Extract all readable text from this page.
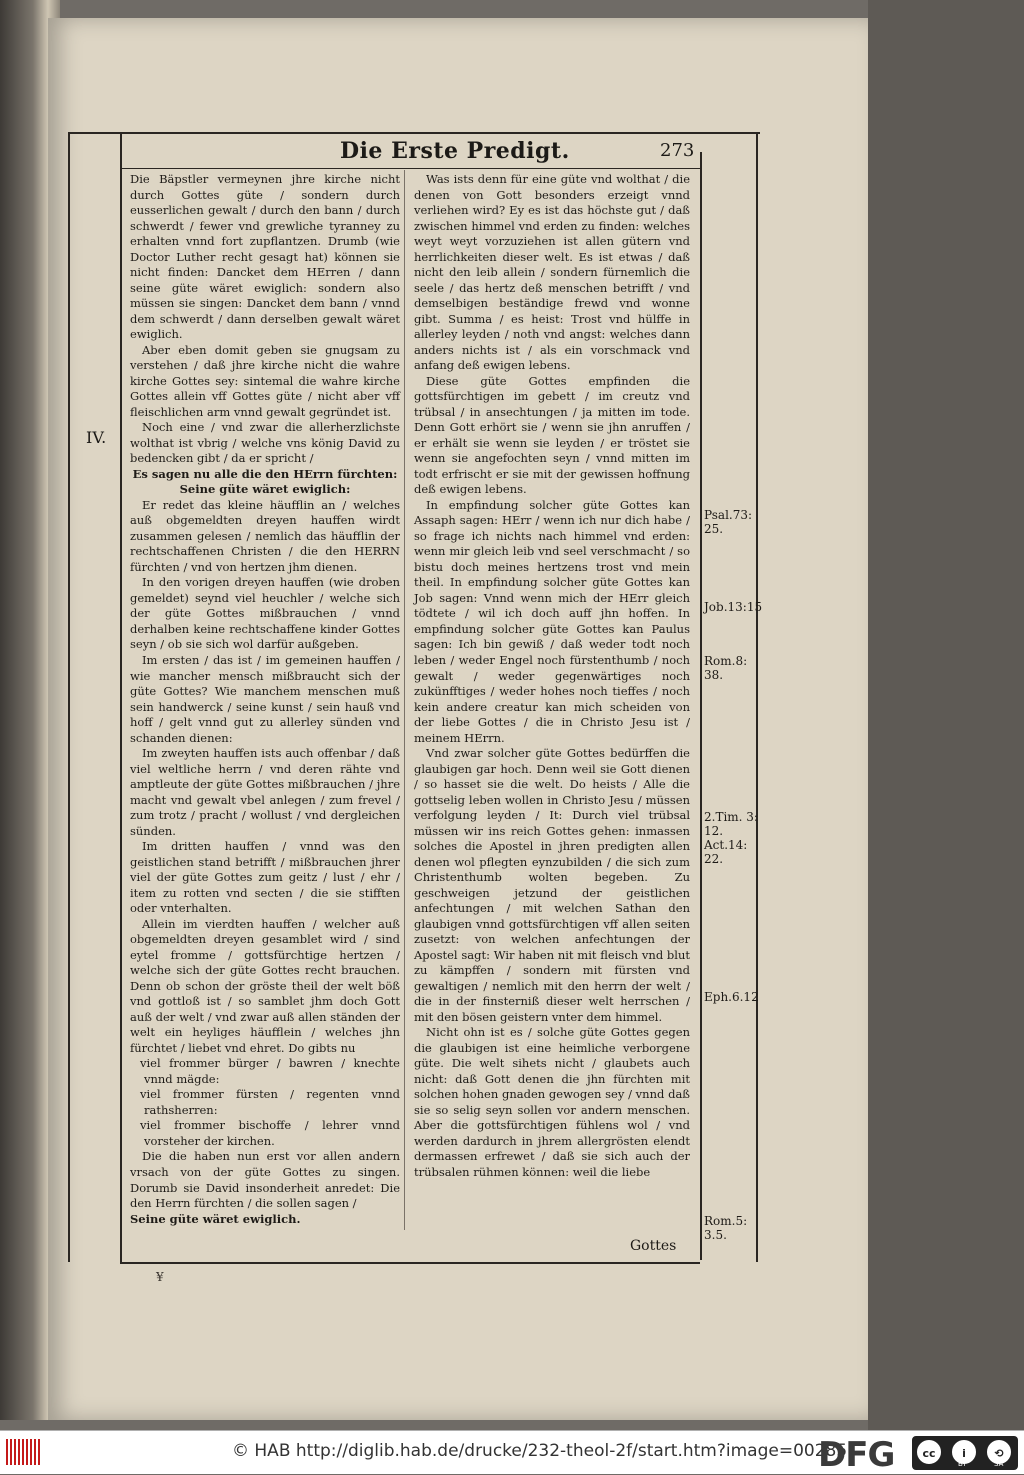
Die Erste Predigt.	273
IV.

Die Bäpstler vermeynen jhre kirche nicht durch Gottes güte / sondern durch eusserlichen gewalt / durch den bann / durch schwerdt / fewer vnd grewliche tyranney zu erhalten vnnd fort zupflantzen. Drumb (wie Doctor Luther recht gesagt hat) können sie nicht finden: Dancket dem HErren / dann seine güte wäret ewiglich: sondern also müssen sie singen: Dancket dem bann / vnnd dem schwerdt / dann derselben gewalt wäret ewiglich.

Aber eben domit geben sie gnugsam zu verstehen / daß jhre kirche nicht die wahre kirche Gottes sey: sintemal die wahre kirche Gottes allein vff Gottes güte / nicht aber vff fleischlichen arm vnnd gewalt gegründet ist.

Noch eine / vnd zwar die allerherzlichste wolthat ist vbrig / welche vns könig David zu bedencken gibt / da er spricht /

Es sagen nu alle die den HErrn fürchten: Seine güte wäret ewiglich:

Er redet das kleine häufflin an / welches auß obgemeldten dreyen hauffen wirdt zusammen gelesen / nemlich das häufflin der rechtschaffenen Christen / die den HERRN fürchten / vnd von hertzen jhm dienen.

In den vorigen dreyen hauffen (wie droben gemeldet) seynd viel heuchler / welche sich der güte Gottes mißbrauchen / vnnd derhalben keine rechtschaffene kinder Gottes seyn / ob sie sich wol darfür außgeben.

Im ersten / das ist / im gemeinen hauffen / wie mancher mensch mißbraucht sich der güte Gottes? Wie manchem menschen muß sein handwerck / seine kunst / sein hauß vnd hoff / gelt vnnd gut zu allerley sünden vnd schanden dienen:

Im zweyten hauffen ists auch offenbar / daß viel weltliche herrn / vnd deren rähte vnd amptleute der güte Gottes mißbrauchen / jhre macht vnd gewalt vbel anlegen / zum frevel / zum trotz / pracht / wollust / vnd dergleichen sünden.

Im dritten hauffen / vnnd was den geistlichen stand betrifft / mißbrauchen jhrer viel der güte Gottes zum geitz / lust / ehr / item zu rotten vnd secten / die sie stifften oder vnterhalten.

Allein im vierdten hauffen / welcher auß obgemeldten dreyen gesamblet wird / sind eytel fromme / gottsfürchtige hertzen / welche sich der güte Gottes recht brauchen. Denn ob schon der gröste theil der welt böß vnd gottloß ist / so samblet jhm doch Gott auß der welt / vnd zwar auß allen ständen der welt ein heyliges häufflein / welches jhn fürchtet / liebet vnd ehret. Do gibts nu

viel frommer bürger / bawren / knechte vnnd mägde:

viel frommer fürsten / regenten vnnd rathsherren:

viel frommer bischoffe / lehrer vnnd vorsteher der kirchen.

Die die haben nun erst vor allen andern vrsach von der güte Gottes zu singen. Dorumb sie David insonderheit anredet: Die den Herrn fürchten / die sollen sagen /

Seine güte wäret ewiglich.

Was ists denn für eine güte vnd wolthat / die denen von Gott besonders erzeigt vnnd verliehen wird? Ey es ist das höchste gut / daß zwischen himmel vnd erden zu finden: welches weyt weyt vorzuziehen ist allen gütern vnd herrlichkeiten dieser welt. Es ist etwas / daß nicht den leib allein / sondern fürnemlich die seele / das hertz deß menschen betrifft / vnd demselbigen beständige frewd vnd wonne gibt. Summa / es heist: Trost vnd hülffe in allerley leyden / noth vnd angst: welches dann anders nichts ist / als ein vorschmack vnd anfang deß ewigen lebens.

Diese güte Gottes empfinden die gottsfürchtigen im gebett / im creutz vnd trübsal / in ansechtungen / ja mitten im tode. Denn Gott erhört sie / wenn sie jhn anruffen / er erhält sie wenn sie leyden / er tröstet sie wenn sie angefochten seyn / vnnd mitten im todt erfrischt er sie mit der gewissen hoffnung deß ewigen lebens.

In empfindung solcher güte Gottes kan Assaph sagen: HErr / wenn ich nur dich habe / so frage ich nichts nach himmel vnd erden: wenn mir gleich leib vnd seel verschmacht / so bistu doch meines hertzens trost vnd mein theil. In empfindung solcher güte Gottes kan Job sagen: Vnnd wenn mich der HErr gleich tödtete / wil ich doch auff jhn hoffen. In empfindung solcher güte Gottes kan Paulus sagen: Ich bin gewiß / daß weder todt noch leben / weder Engel noch fürstenthumb / noch gewalt / weder gegenwärtiges noch zukünfftiges / weder hohes noch tieffes / noch kein andere creatur kan mich scheiden von der liebe Gottes / die in Christo Jesu ist / meinem HErrn.

Vnd zwar solcher güte Gottes bedürffen die glaubigen gar hoch. Denn weil sie Gott dienen / so hasset sie die welt. Do heists / Alle die gottselig leben wollen in Christo Jesu / müssen verfolgung leyden / It: Durch viel trübsal müssen wir ins reich Gottes gehen: inmassen solches die Apostel in jhren predigten allen denen wol pflegten eynzubilden / die sich zum Christenthumb wolten begeben. Zu geschweigen jetzund der geistlichen anfechtungen / mit welchen Sathan den glaubigen vnnd gottsfürchtigen vff allen seiten zusetzt: von welchen anfechtungen der Apostel sagt: Wir haben nit mit fleisch vnd blut zu kämpffen / sondern mit fürsten vnd gewaltigen / nemlich mit den herrn der welt / die in der finsterniß dieser welt herrschen / mit den bösen geistern vnter dem himmel.

Nicht ohn ist es / solche güte Gottes gegen die glaubigen ist eine heimliche verborgene güte. Die welt sihets nicht / glaubets auch nicht: daß Gott denen die jhn fürchten mit solchen hohen gnaden gewogen sey / vnnd daß sie so selig seyn sollen vor andern menschen. Aber die gottsfürchtigen fühlens wol / vnd werden dardurch in jhrem allergrösten elendt dermassen erfrewet / daß sie sich auch der trübsalen rühmen können: weil die liebe

Psal.73: 25.
Job.13:15
Rom.8: 38.
2.Tim. 3: 12. Act.14: 22.
Eph.6.12
Rom.5: 3.5.
Gottes
¥
© HAB http://diglib.hab.de/drucke/232-theol-2f/start.htm?image=00285
DFG	cc	i	⟲
BY	SA
